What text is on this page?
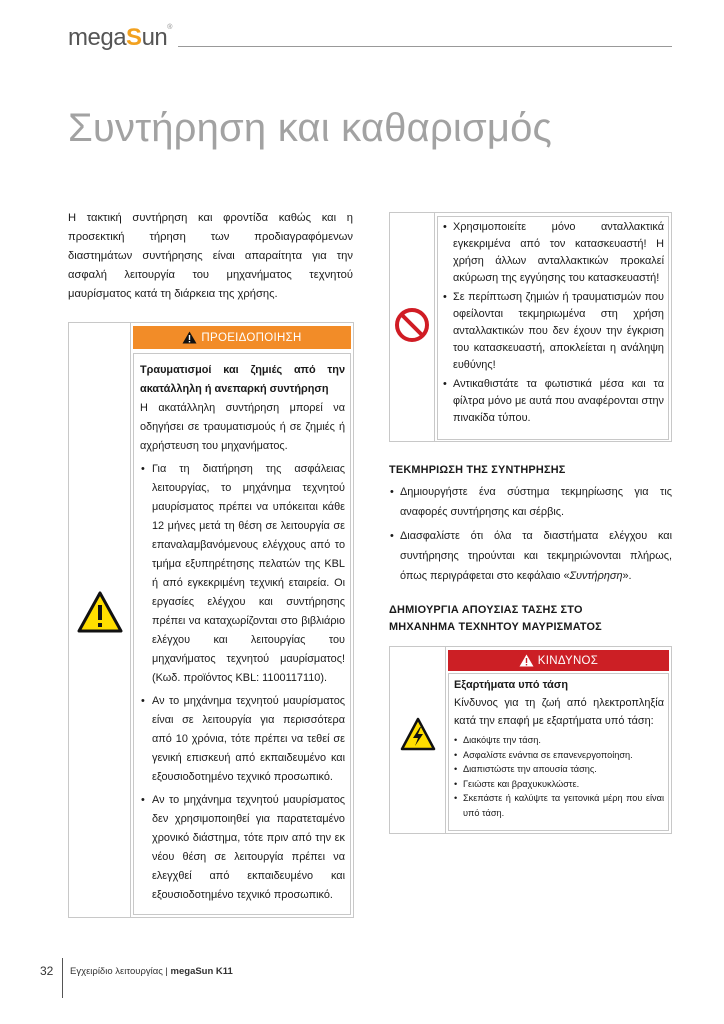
megaSun®
Συντήρηση και καθαρισμός

Η τακτική συντήρηση και φροντίδα καθώς και η προσεκτική τήρηση των προδιαγραφόμενων διαστημάτων συντήρησης είναι απαραίτητα για την ασφαλή λειτουργία του μηχανήματος τεχνητού μαυρίσματος κατά τη διάρκεια της χρήσης.

ΠΡΟΕΙΔΟΠΟΙΗΣΗ
Τραυματισμοί και ζημιές από την ακατάλληλη ή ανεπαρκή συντήρηση
Η ακατάλληλη συντήρηση μπορεί να οδηγήσει σε τραυματισμούς ή σε ζημιές ή αχρήστευση του μηχανήματος.
• Για τη διατήρηση της ασφάλειας λειτουργίας, το μηχάνημα τεχνητού μαυρίσματος πρέπει να υπόκειται κάθε 12 μήνες μετά τη θέση σε λειτουργία σε επαναλαμβανόμενους ελέγχους από το τμήμα εξυπηρέτησης πελατών της KBL ή από εγκεκριμένη τεχνική εταιρεία. Οι εργασίες ελέγχου και συντήρησης πρέπει να καταχωρίζονται στο βιβλιάριο ελέγχου και λειτουργίας του μηχανήματος τεχνητού μαυρίσματος! (Κωδ. προϊόντος KBL: 1100117110).
• Αν το μηχάνημα τεχνητού μαυρίσματος είναι σε λειτουργία για περισσότερα από 10 χρόνια, τότε πρέπει να τεθεί σε γενική επισκευή από εκπαιδευμένο και εξουσιοδοτημένο τεχνικό προσωπικό.
• Αν το μηχάνημα τεχνητού μαυρίσματος δεν χρησιμοποιηθεί για παρατεταμένο χρονικό διάστημα, τότε πριν από την εκ νέου θέση σε λειτουργία πρέπει να ελεγχθεί από εκπαιδευμένο και εξουσιοδοτημένο τεχνικό προσωπικό.
• Χρησιμοποιείτε μόνο ανταλλακτικά εγκεκριμένα από τον κατασκευαστή! Η χρήση άλλων ανταλλακτικών προκαλεί ακύρωση της εγγύησης του κατασκευαστή!
• Σε περίπτωση ζημιών ή τραυματισμών που οφείλονται τεκμηριωμένα στη χρήση ανταλλακτικών που δεν έχουν την έγκριση του κατασκευαστή, αποκλείεται η ανάληψη ευθύνης!
• Αντικαθιστάτε τα φωτιστικά μέσα και τα φίλτρα μόνο με αυτά που αναφέρονται στην πινακίδα τύπου.
ΤΕΚΜΗΡΙΩΣΗ ΤΗΣ ΣΥΝΤΗΡΗΣΗΣ
• Δημιουργήστε ένα σύστημα τεκμηρίωσης για τις αναφορές συντήρησης και σέρβις.
• Διασφαλίστε ότι όλα τα διαστήματα ελέγχου και συντήρησης τηρούνται και τεκμηριώνονται πλήρως, όπως περιγράφεται στο κεφάλαιο «Συντήρηση».
ΔΗΜΙΟΥΡΓΙΑ ΑΠΟΥΣΙΑΣ ΤΑΣΗΣ ΣΤΟ
ΜΗΧΑΝΗΜΑ ΤΕΧΝΗΤΟΥ ΜΑΥΡΙΣΜΑΤΟΣ
ΚΙΝΔΥΝΟΣ
Εξαρτήματα υπό τάση
Κίνδυνος για τη ζωή από ηλεκτροπληξία κατά την επαφή με εξαρτήματα υπό τάση:
• Διακόψτε την τάση.
• Ασφαλίστε ενάντια σε επανενεργοποίηση.
• Διαπιστώστε την απουσία τάσης.
• Γειώστε και βραχυκυκλώστε.
• Σκεπάστε ή καλύψτε τα γειτονικά μέρη που είναι υπό τάση.
32 Εγχειρίδιο λειτουργίας | megaSun K11
